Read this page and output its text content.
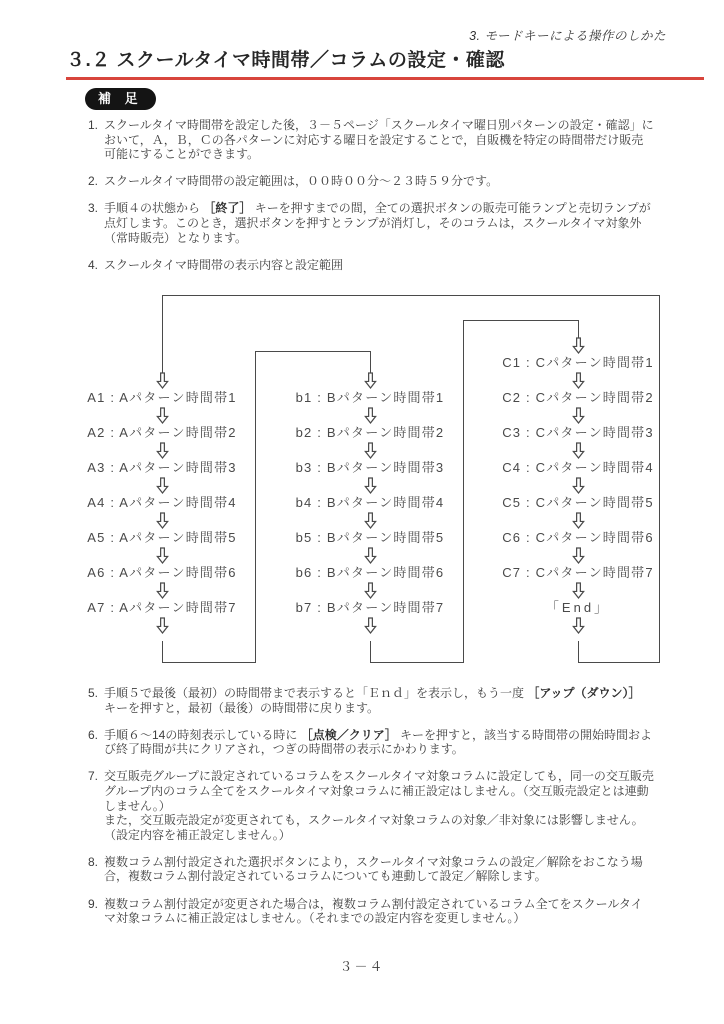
3. モードキーによる操作のしかた
３.２ スクールタイマ時間帯／コラムの設定・確認
補 足
1. スクールタイマ時間帯を設定した後，３－５ページ「スクールタイマ曜日別パターンの設定・確認」において，Ａ，Ｂ，Ｃの各パターンに対応する曜日を設定することで，自販機を特定の時間帯だけ販売可能にすることができます。
2. スクールタイマ時間帯の設定範囲は，００時００分～２３時５９分です。
3. 手順４の状態から ［終了］ キーを押すまでの間，全ての選択ボタンの販売可能ランプと売切ランプが点灯します。このとき，選択ボタンを押すとランプが消灯し，そのコラムは，スクールタイマ対象外（常時販売）となります。
4. スクールタイマ時間帯の表示内容と設定範囲
A1 : Aパターン時間帯1
A2 : Aパターン時間帯2
A3 : Aパターン時間帯3
A4 : Aパターン時間帯4
A5 : Aパターン時間帯5
A6 : Aパターン時間帯6
A7 : Aパターン時間帯7
b1 : Bパターン時間帯1
b2 : Bパターン時間帯2
b3 : Bパターン時間帯3
b4 : Bパターン時間帯4
b5 : Bパターン時間帯5
b6 : Bパターン時間帯6
b7 : Bパターン時間帯7
C1 : Cパターン時間帯1
C2 : Cパターン時間帯2
C3 : Cパターン時間帯3
C4 : Cパターン時間帯4
C5 : Cパターン時間帯5
C6 : Cパターン時間帯6
C7 : Cパターン時間帯7
「End」
5. 手順５で最後（最初）の時間帯まで表示すると「Ｅｎｄ」を表示し，もう一度 ［アップ（ダウン）］ キーを押すと，最初（最後）の時間帯に戻ります。
6. 手順６～14の時刻表示している時に ［点検／クリア］ キーを押すと，該当する時間帯の開始時間および終了時間が共にクリアされ，つぎの時間帯の表示にかわります。
7. 交互販売グループに設定されているコラムをスクールタイマ対象コラムに設定しても，同一の交互販売グループ内のコラム全てをスクールタイマ対象コラムに補正設定はしません。（交互販売設定とは連動しません。）
また，交互販売設定が変更されても，スクールタイマ対象コラムの対象／非対象には影響しません。（設定内容を補正設定しません。）
8. 複数コラム割付設定された選択ボタンにより，スクールタイマ対象コラムの設定／解除をおこなう場合，複数コラム割付設定されているコラムについても連動して設定／解除します。
9. 複数コラム割付設定が変更された場合は，複数コラム割付設定されているコラム全てをスクールタイマ対象コラムに補正設定はしません。（それまでの設定内容を変更しません。）
３－４
